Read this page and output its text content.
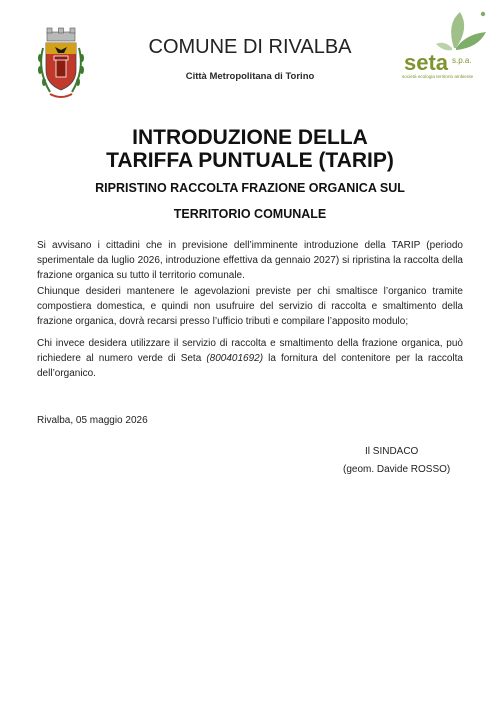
COMUNE DI RIVALBA
Città Metropolitana di Torino
seta s.p.a.
società ecologia territorio ambiente
INTRODUZIONE DELLA
TARIFFA PUNTUALE (TARIP)
RIPRISTINO RACCOLTA FRAZIONE ORGANICA SUL
TERRITORIO COMUNALE
Si avvisano i cittadini che in previsione dell’imminente introduzione della TARIP (periodo sperimentale da luglio 2026, introduzione effettiva da gennaio 2027) si ripristina la raccolta della frazione organica su tutto il territorio comunale.
Chiunque desideri mantenere le agevolazioni previste per chi smaltisce l’organico tramite compostiera domestica, e quindi non usufruire del servizio di raccolta e smaltimento della frazione organica, dovrà recarsi presso l’ufficio tributi e compilare l’apposito modulo;
Chi invece desidera utilizzare il servizio di raccolta e smaltimento della frazione organica, può richiedere al numero verde di Seta (800401692) la fornitura del contenitore per la raccolta dell’organico.
Rivalba, 05 maggio 2026
Il SINDACO
(geom. Davide ROSSO)
